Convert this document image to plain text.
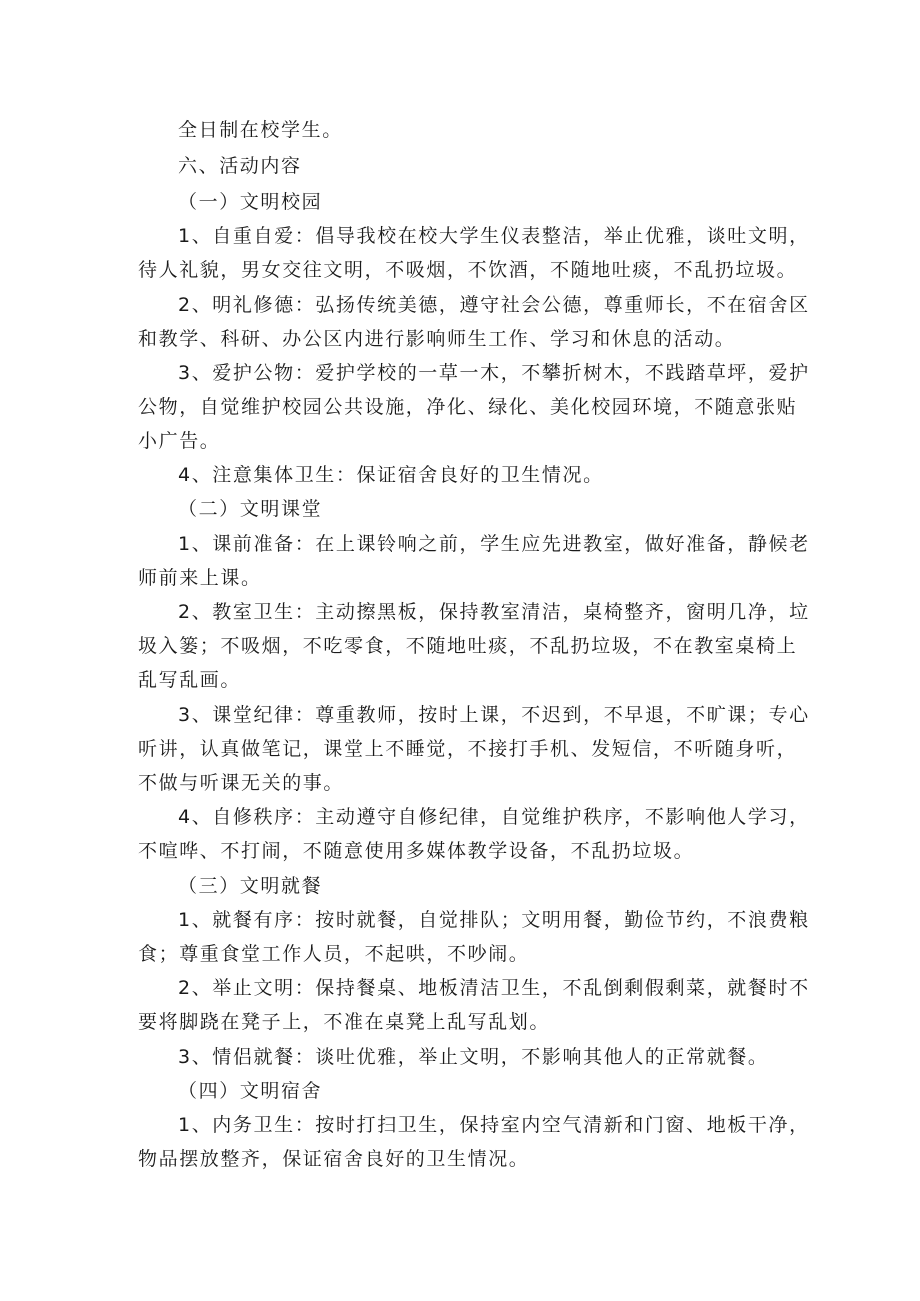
全日制在校学生。
六、活动内容
（一）文明校园
1、自重自爱：倡导我校在校大学生仪表整洁，举止优雅，谈吐文明，
待人礼貌，男女交往文明，不吸烟，不饮酒，不随地吐痰，不乱扔垃圾。
2、明礼修德：弘扬传统美德，遵守社会公德，尊重师长，不在宿舍区
和教学、科研、办公区内进行影响师生工作、学习和休息的活动。
3、爱护公物：爱护学校的一草一木，不攀折树木，不践踏草坪，爱护
公物，自觉维护校园公共设施，净化、绿化、美化校园环境，不随意张贴
小广告。
4、注意集体卫生：保证宿舍良好的卫生情况。
（二）文明课堂
1、课前准备：在上课铃响之前，学生应先进教室，做好准备，静候老
师前来上课。
2、教室卫生：主动擦黑板，保持教室清洁，桌椅整齐，窗明几净，垃
圾入篓；不吸烟，不吃零食，不随地吐痰，不乱扔垃圾，不在教室桌椅上
乱写乱画。
3、课堂纪律：尊重教师，按时上课，不迟到，不早退，不旷课；专心
听讲，认真做笔记，课堂上不睡觉，不接打手机、发短信，不听随身听，
不做与听课无关的事。
4、自修秩序：主动遵守自修纪律，自觉维护秩序，不影响他人学习，
不喧哗、不打闹，不随意使用多媒体教学设备，不乱扔垃圾。
（三）文明就餐
1、就餐有序：按时就餐，自觉排队；文明用餐，勤俭节约，不浪费粮
食；尊重食堂工作人员，不起哄，不吵闹。
2、举止文明：保持餐桌、地板清洁卫生，不乱倒剩假剩菜，就餐时不
要将脚跷在凳子上，不准在桌凳上乱写乱划。
3、情侣就餐：谈吐优雅，举止文明，不影响其他人的正常就餐。
（四）文明宿舍
1、内务卫生：按时打扫卫生，保持室内空气清新和门窗、地板干净，
物品摆放整齐，保证宿舍良好的卫生情况。
